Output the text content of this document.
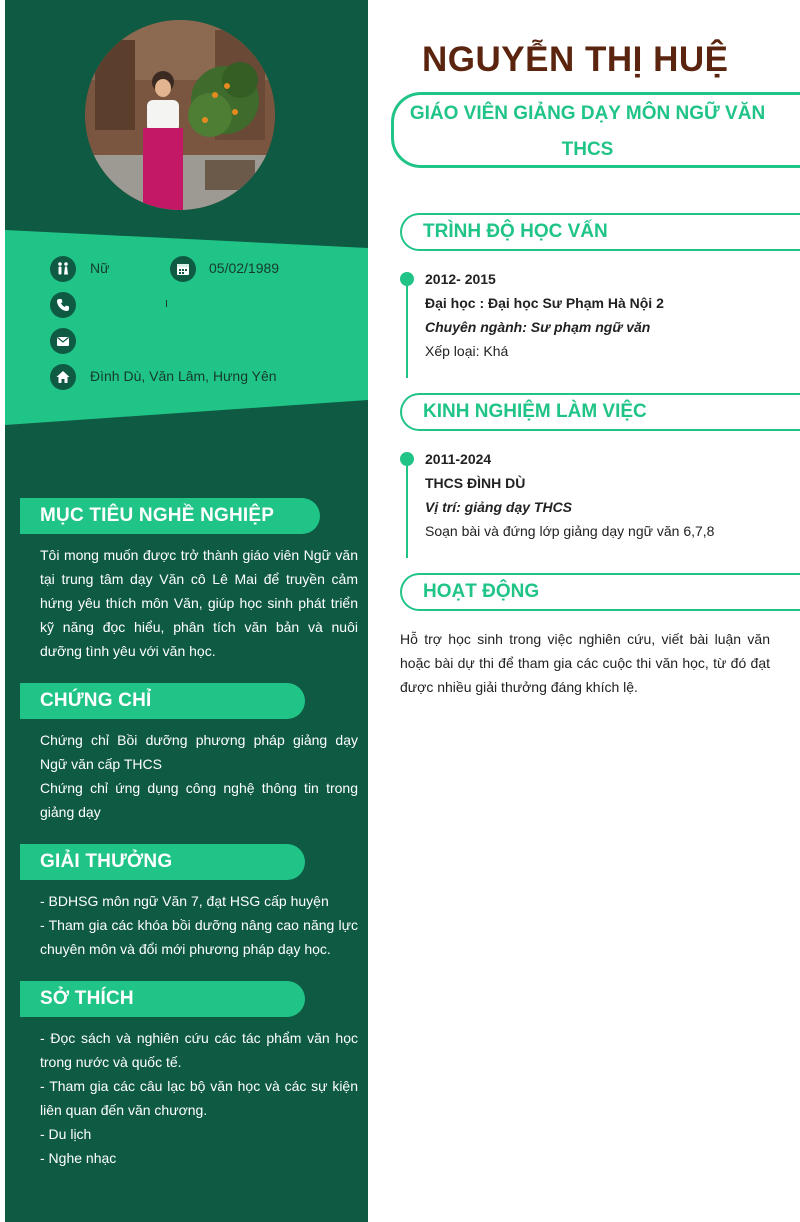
Nữ	05/02/1989
Đình Dù, Văn Lâm, Hưng Yên
MỤC TIÊU NGHỀ NGHIỆP

Tôi mong muốn được trở thành giáo viên Ngữ văn tại trung tâm dạy Văn cô Lê Mai để truyền cảm hứng yêu thích môn Văn, giúp học sinh phát triển kỹ năng đọc hiểu, phân tích văn bản và nuôi dưỡng tình yêu với văn học.

CHỨNG CHỈ

Chứng chỉ Bồi dưỡng phương pháp giảng dạy Ngữ văn cấp THCS

Chứng chỉ ứng dụng công nghệ thông tin trong giảng dạy

GIẢI THƯỞNG

- BDHSG môn ngữ Văn 7, đạt HSG cấp huyện

- Tham gia các khóa bồi dưỡng nâng cao năng lực chuyên môn và đổi mới phương pháp dạy học.

SỞ THÍCH

- Đọc sách và nghiên cứu các tác phẩm văn học trong nước và quốc tế.

- Tham gia các câu lạc bộ văn học và các sự kiện liên quan đến văn chương.

- Du lịch

- Nghe nhạc

NGUYỄN THỊ HUỆ
GIÁO VIÊN GIẢNG DẠY MÔN NGỮ VĂN THCS
TRÌNH ĐỘ HỌC VẤN
2012- 2015
Đại học : Đại học Sư Phạm Hà Nội 2
Chuyên ngành: Sư phạm ngữ văn
Xếp loại: Khá
KINH NGHIỆM LÀM VIỆC
2011-2024
THCS ĐÌNH DÙ
Vị trí: giảng dạy THCS
Soạn bài và đứng lớp giảng dạy ngữ văn 6,7,8
HOẠT ĐỘNG
Hỗ trợ học sinh trong việc nghiên cứu, viết bài luận văn hoặc bài dự thi để tham gia các cuộc thi văn học, từ đó đạt được nhiều giải thưởng đáng khích lệ.
